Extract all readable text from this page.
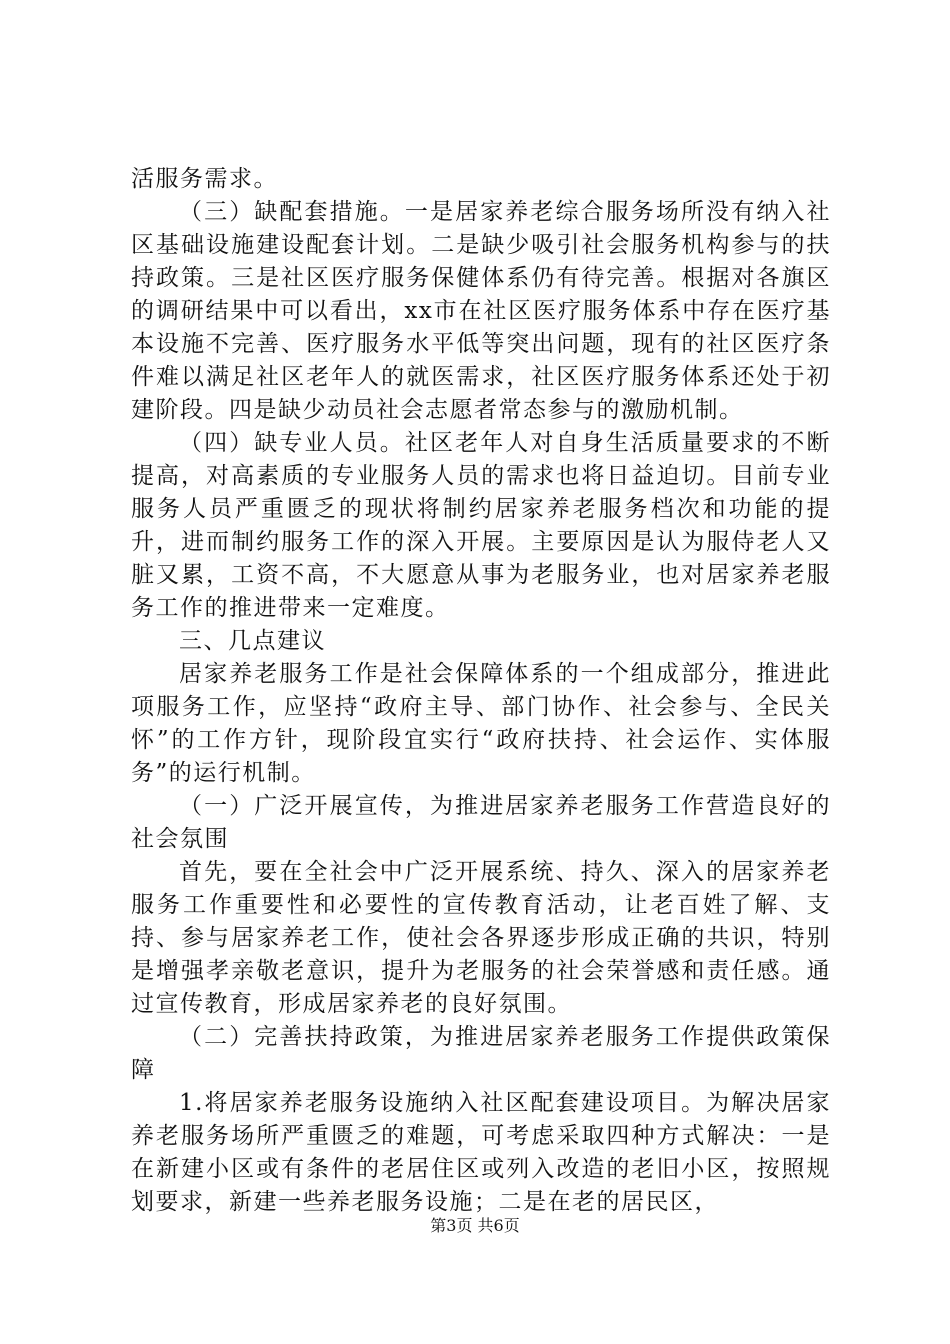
活服务需求。

（三）缺配套措施。一是居家养老综合服务场所没有纳入社区基础设施建设配套计划。二是缺少吸引社会服务机构参与的扶持政策。三是社区医疗服务保健体系仍有待完善。根据对各旗区的调研结果中可以看出，xx市在社区医疗服务体系中存在医疗基本设施不完善、医疗服务水平低等突出问题，现有的社区医疗条件难以满足社区老年人的就医需求，社区医疗服务体系还处于初建阶段。四是缺少动员社会志愿者常态参与的激励机制。

（四）缺专业人员。社区老年人对自身生活质量要求的不断提高，对高素质的专业服务人员的需求也将日益迫切。目前专业服务人员严重匮乏的现状将制约居家养老服务档次和功能的提升，进而制约服务工作的深入开展。主要原因是认为服侍老人又脏又累，工资不高，不大愿意从事为老服务业，也对居家养老服务工作的推进带来一定难度。

三、几点建议

居家养老服务工作是社会保障体系的一个组成部分，推进此项服务工作，应坚持“政府主导、部门协作、社会参与、全民关怀”的工作方针，现阶段宜实行“政府扶持、社会运作、实体服务”的运行机制。

（一）广泛开展宣传，为推进居家养老服务工作营造良好的社会氛围

首先，要在全社会中广泛开展系统、持久、深入的居家养老服务工作重要性和必要性的宣传教育活动，让老百姓了解、支持、参与居家养老工作，使社会各界逐步形成正确的共识，特别是增强孝亲敬老意识，提升为老服务的社会荣誉感和责任感。通过宣传教育，形成居家养老的良好氛围。

（二）完善扶持政策，为推进居家养老服务工作提供政策保障

1.将居家养老服务设施纳入社区配套建设项目。为解决居家养老服务场所严重匮乏的难题，可考虑采取四种方式解决：一是在新建小区或有条件的老居住区或列入改造的老旧小区，按照规划要求，新建一些养老服务设施；二是在老的居民区，

第3页 共6页
